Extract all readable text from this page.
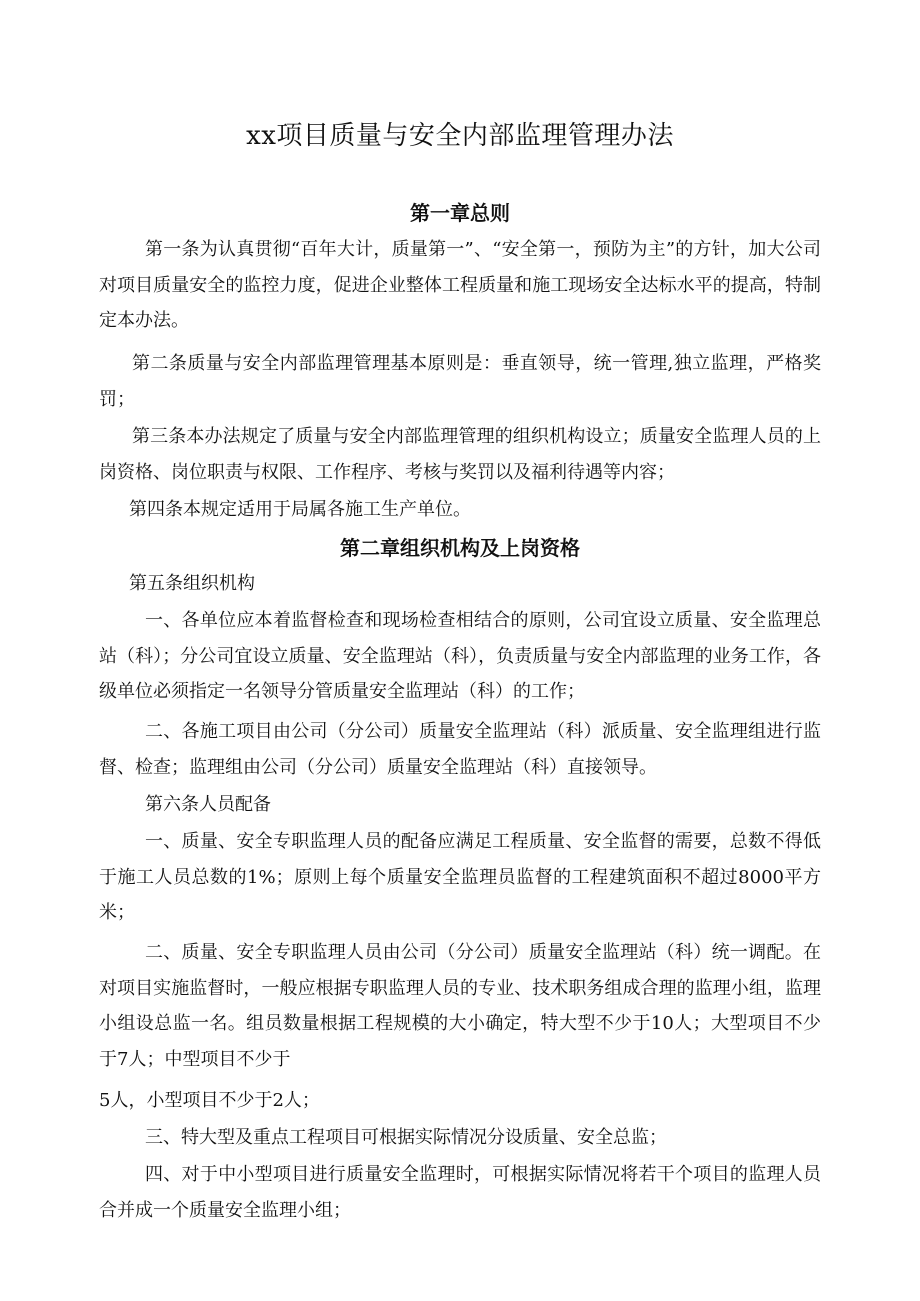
xx项目质量与安全内部监理管理办法
第一章总则

第一条为认真贯彻“百年大计，质量第一”、“安全第一，预防为主”的方针，加大公司对项目质量安全的监控力度，促进企业整体工程质量和施工现场安全达标水平的提高，特制定本办法。

第二条质量与安全内部监理管理基本原则是：垂直领导，统一管理,独立监理，严格奖罚；

第三条本办法规定了质量与安全内部监理管理的组织机构设立；质量安全监理人员的上岗资格、岗位职责与权限、工作程序、考核与奖罚以及福利待遇等内容；

第四条本规定适用于局属各施工生产单位。

第二章组织机构及上岗资格

第五条组织机构

一、各单位应本着监督检查和现场检查相结合的原则，公司宜设立质量、安全监理总站（科）；分公司宜设立质量、安全监理站（科），负责质量与安全内部监理的业务工作，各级单位必须指定一名领导分管质量安全监理站（科）的工作；

二、各施工项目由公司（分公司）质量安全监理站（科）派质量、安全监理组进行监督、检查；监理组由公司（分公司）质量安全监理站（科）直接领导。

第六条人员配备

一、质量、安全专职监理人员的配备应满足工程质量、安全监督的需要，总数不得低于施工人员总数的1%；原则上每个质量安全监理员监督的工程建筑面积不超过8000平方米；

二、质量、安全专职监理人员由公司（分公司）质量安全监理站（科）统一调配。在对项目实施监督时，一般应根据专职监理人员的专业、技术职务组成合理的监理小组，监理小组设总监一名。组员数量根据工程规模的大小确定，特大型不少于10人；大型项目不少于7人；中型项目不少于

5人，小型项目不少于2人；

三、特大型及重点工程项目可根据实际情况分设质量、安全总监；

四、对于中小型项目进行质量安全监理时，可根据实际情况将若干个项目的监理人员合并成一个质量安全监理小组；
